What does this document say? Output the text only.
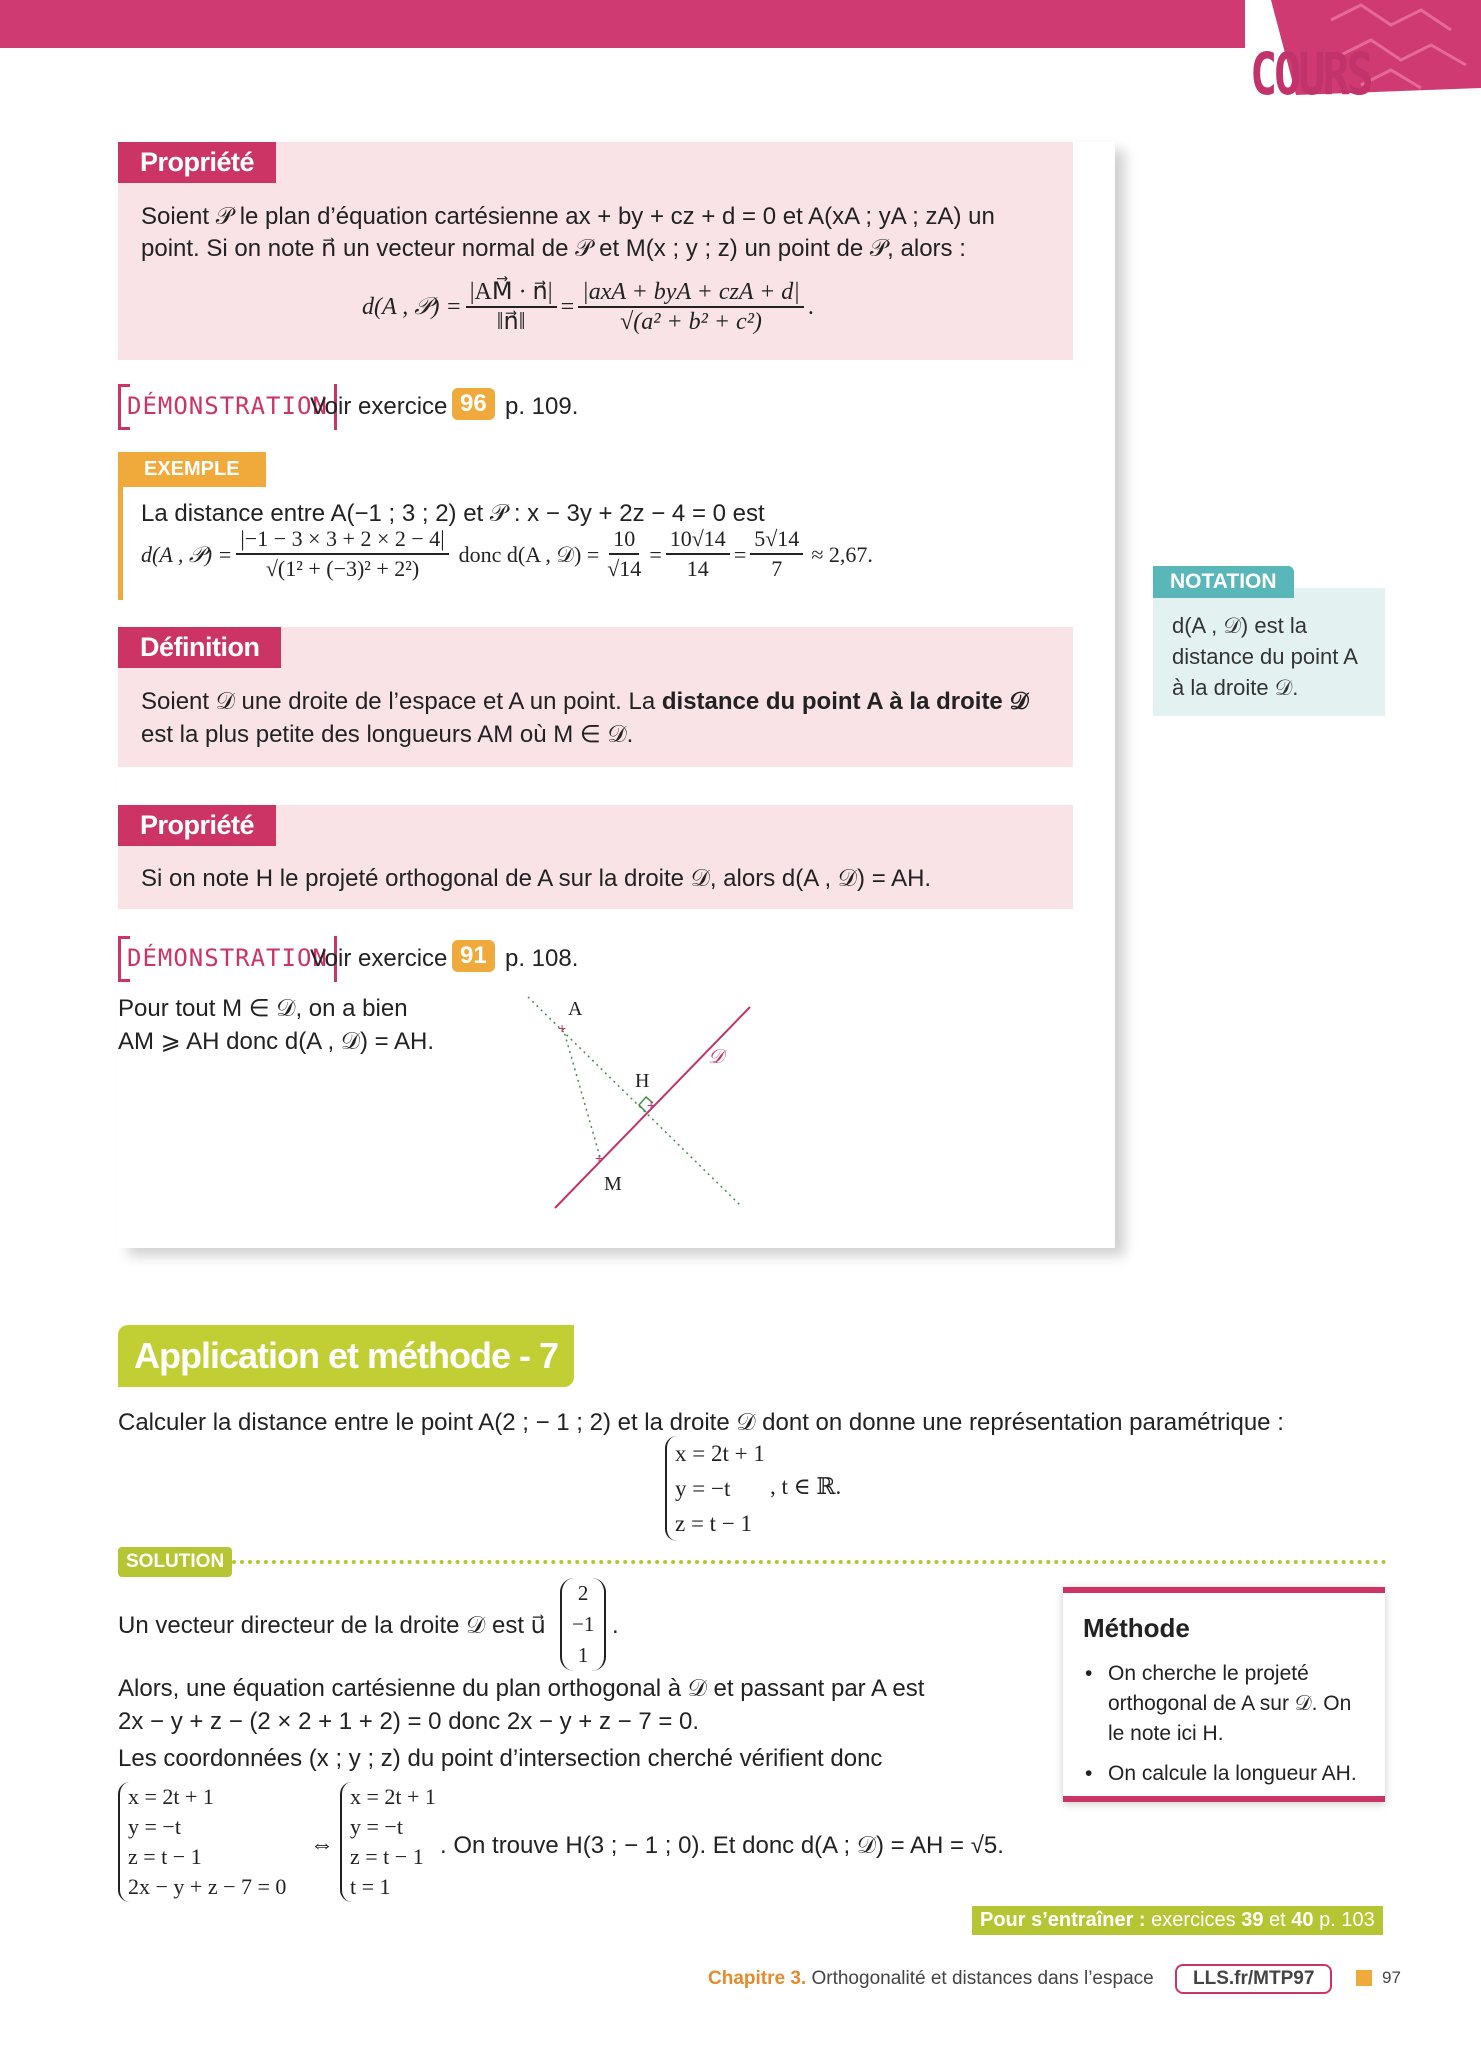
COURS
Propriété
Soient 𝒫 le plan d’équation cartésienne ax + by + cz + d = 0 et A(xA ; yA ; zA) un
point. Si on note n⃗ un vecteur normal de 𝒫 et M(x ; y ; z) un point de 𝒫, alors :
d(A , 𝒫) = $\frac{|AM⃗ \cdot n⃗|}{‖n⃗‖} = \frac{\text{|axA + byA + czA + d|}}{\text{√(a² + b² + c²)}}$ .
DÉMONSTRATION
Voir exercice 96 p. 109.
EXEMPLE
La distance entre A(−1 ; 3 ; 2) et 𝒫 : x − 3y + 2z − 4 = 0 est
d(A , 𝒫) = $\frac{|-1 - 3 \times 3 + 2 \times 2 - 4|}{\text{√(1² + (−3)² + 2²)}}$ donc d(A , 𝒟) = $\frac{10}{√14} = \frac{10√14}{14} = \frac{5√14}{7} \approx 2,67$.
NOTATION
d(A , 𝒟) est la
distance du point A
à la droite 𝒟.
Définition
Soient 𝒟 une droite de l’espace et A un point. La distance du point A à la droite 𝒟
est la plus petite des longueurs AM où M ∈ 𝒟.
Propriété
Si on note H le projeté orthogonal de A sur la droite 𝒟, alors d(A , 𝒟) = AH.
DÉMONSTRATION
Voir exercice 91 p. 108.
Pour tout M ∈ 𝒟, on a bien
AM ⩾ AH donc d(A , 𝒟) = AH.	+
+
+
A
H
M
𝒟
Application et méthode - 7
Calculer la distance entre le point A(2 ; − 1 ; 2) et la droite 𝒟 dont on donne une représentation paramétrique :
x = 2t + 1
y = −t
z = t − 1
, t ∈ ℝ.
SOLUTION
Un vecteur directeur de la droite 𝒟 est u⃗
2
−1
1
.
Alors, une équation cartésienne du plan orthogonal à 𝒟 et passant par A est
2x − y + z − (2 × 2 + 1 + 2) = 0 donc 2x − y + z − 7 = 0.
Les coordonnées (x ; y ; z) du point d’intersection cherché vérifient donc
x = 2t + 1
y = −t
z = t − 1
2x − y + z − 7 = 0
⇔
x = 2t + 1
y = −t
z = t − 1
t = 1
. On trouve H(3 ; − 1 ; 0). Et donc d(A ; 𝒟) = AH = √5.
Méthode
• On cherche le projeté orthogonal de A sur 𝒟. On le note ici H.
• On calcule la longueur AH.
Pour s’entraîner : exercices 39 et 40 p. 103
Chapitre 3. Orthogonalité et distances dans l’espace	LLS.fr/MTP97	97
